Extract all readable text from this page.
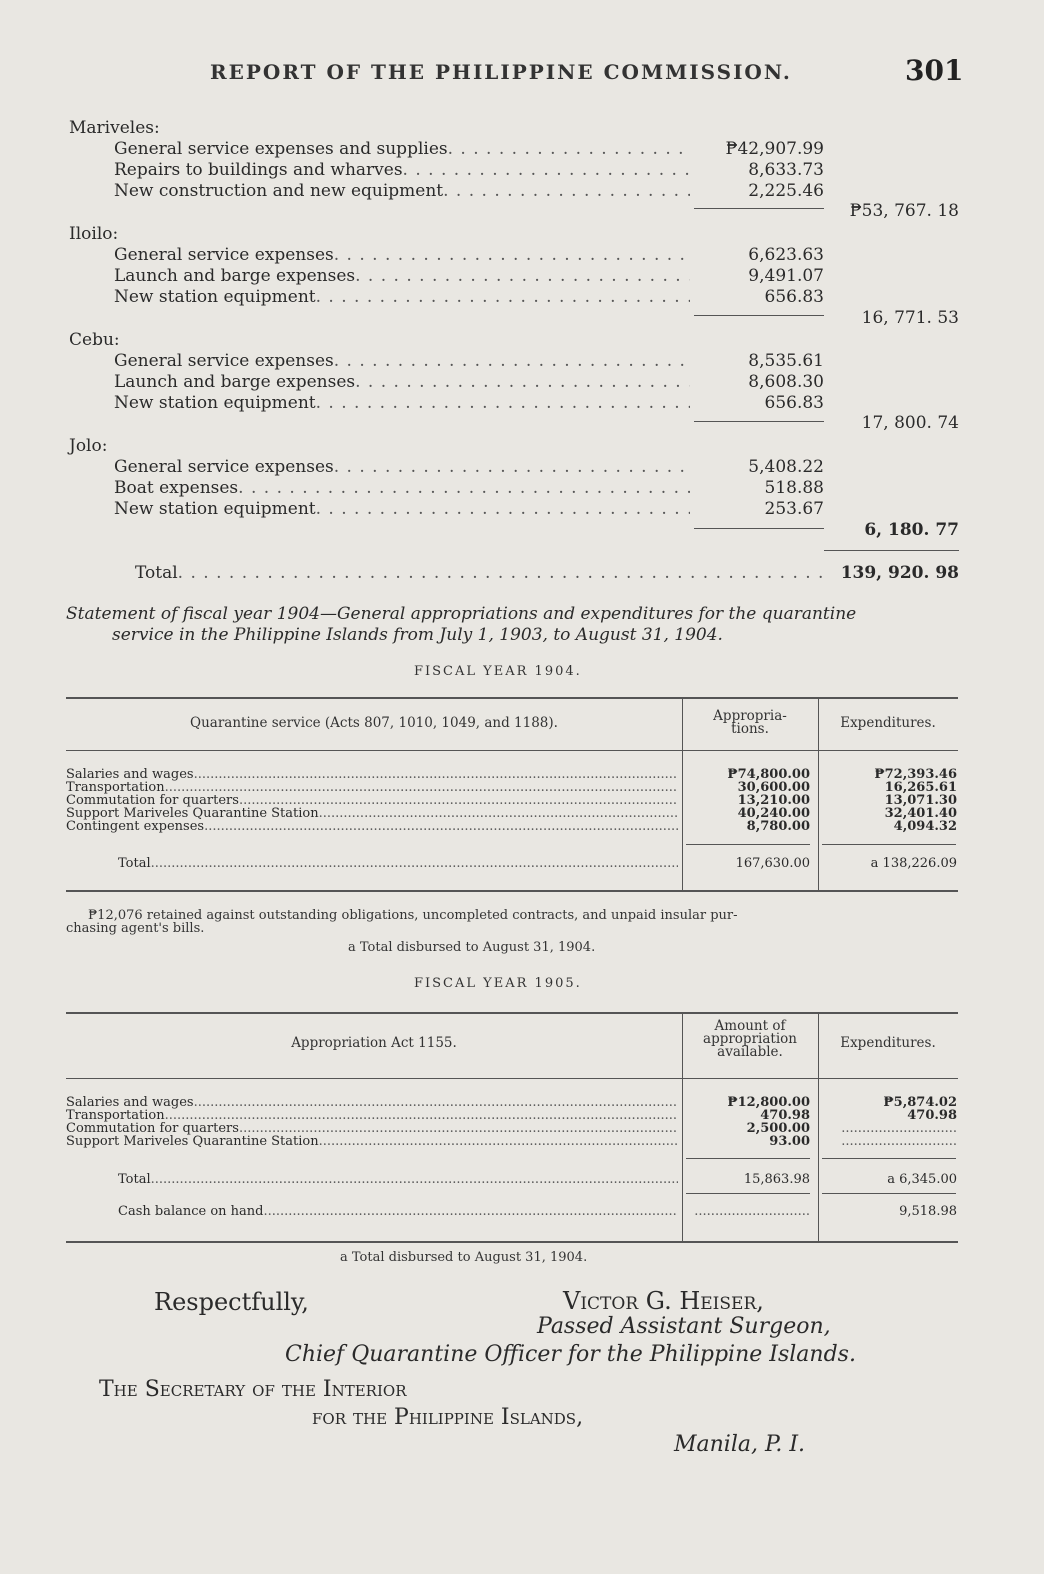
REPORT OF THE PHILIPPINE COMMISSION.	301
Mariveles:
General service expenses and supplies . . .	₱42,907.99
Repairs to buildings and wharves . . .	8,633.73
New construction and new equipment . . .	2,225.46
₱53, 767. 18
Iloilo:
General service expenses . . .	6,623.63
Launch and barge expenses . . .	9,491.07
New station equipment . . .	656.83
16, 771. 53
Cebu:
General service expenses . . .	8,535.61
Launch and barge expenses . . .	8,608.30
New station equipment . . .	656.83
17, 800. 74
Jolo:
General service expenses . . .	5,408.22
Boat expenses . . .	518.88
New station equipment . . .	253.67
6, 180. 77
Total . . .	139, 920. 98
Statement of fiscal year 1904—General appropriations and expenditures for the quarantine
service in the Philippine Islands from July 1, 1903, to August 31, 1904.
FISCAL YEAR 1904.
Quarantine service (Acts 807, 1010, 1049, and 1188).	Appropria-
tions.	Expenditures.
Salaries and wages .....	₱74,800.00	₱72,393.46
Transportation .....	30,600.00	16,265.61
Commutation for quarters .....	13,210.00	13,071.30
Support Mariveles Quarantine Station .....	40,240.00	32,401.40
Contingent expenses .....	8,780.00	4,094.32
Total .....	167,630.00	a 138,226.09
₱12,076 retained against outstanding obligations, uncompleted contracts, and unpaid insular pur-
chasing agent's bills.
a Total disbursed to August 31, 1904.
FISCAL YEAR 1905.
Appropriation Act 1155.
Amount of
appropriation
available.
Expenditures.
Salaries and wages .....	₱12,800.00	₱5,874.02
Transportation .....	470.98	470.98
Commutation for quarters .....	2,500.00	............................
Support Mariveles Quarantine Station .....	93.00	............................
Total .....	15,863.98	a 6,345.00
Cash balance on hand .....	............................	9,518.98
a Total disbursed to August 31, 1904.
Respectfully,	Victor G. Heiser,
Passed Assistant Surgeon,
Chief Quarantine Officer for the Philippine Islands.
The Secretary of the Interior
for the Philippine Islands,
Manila, P. I.
